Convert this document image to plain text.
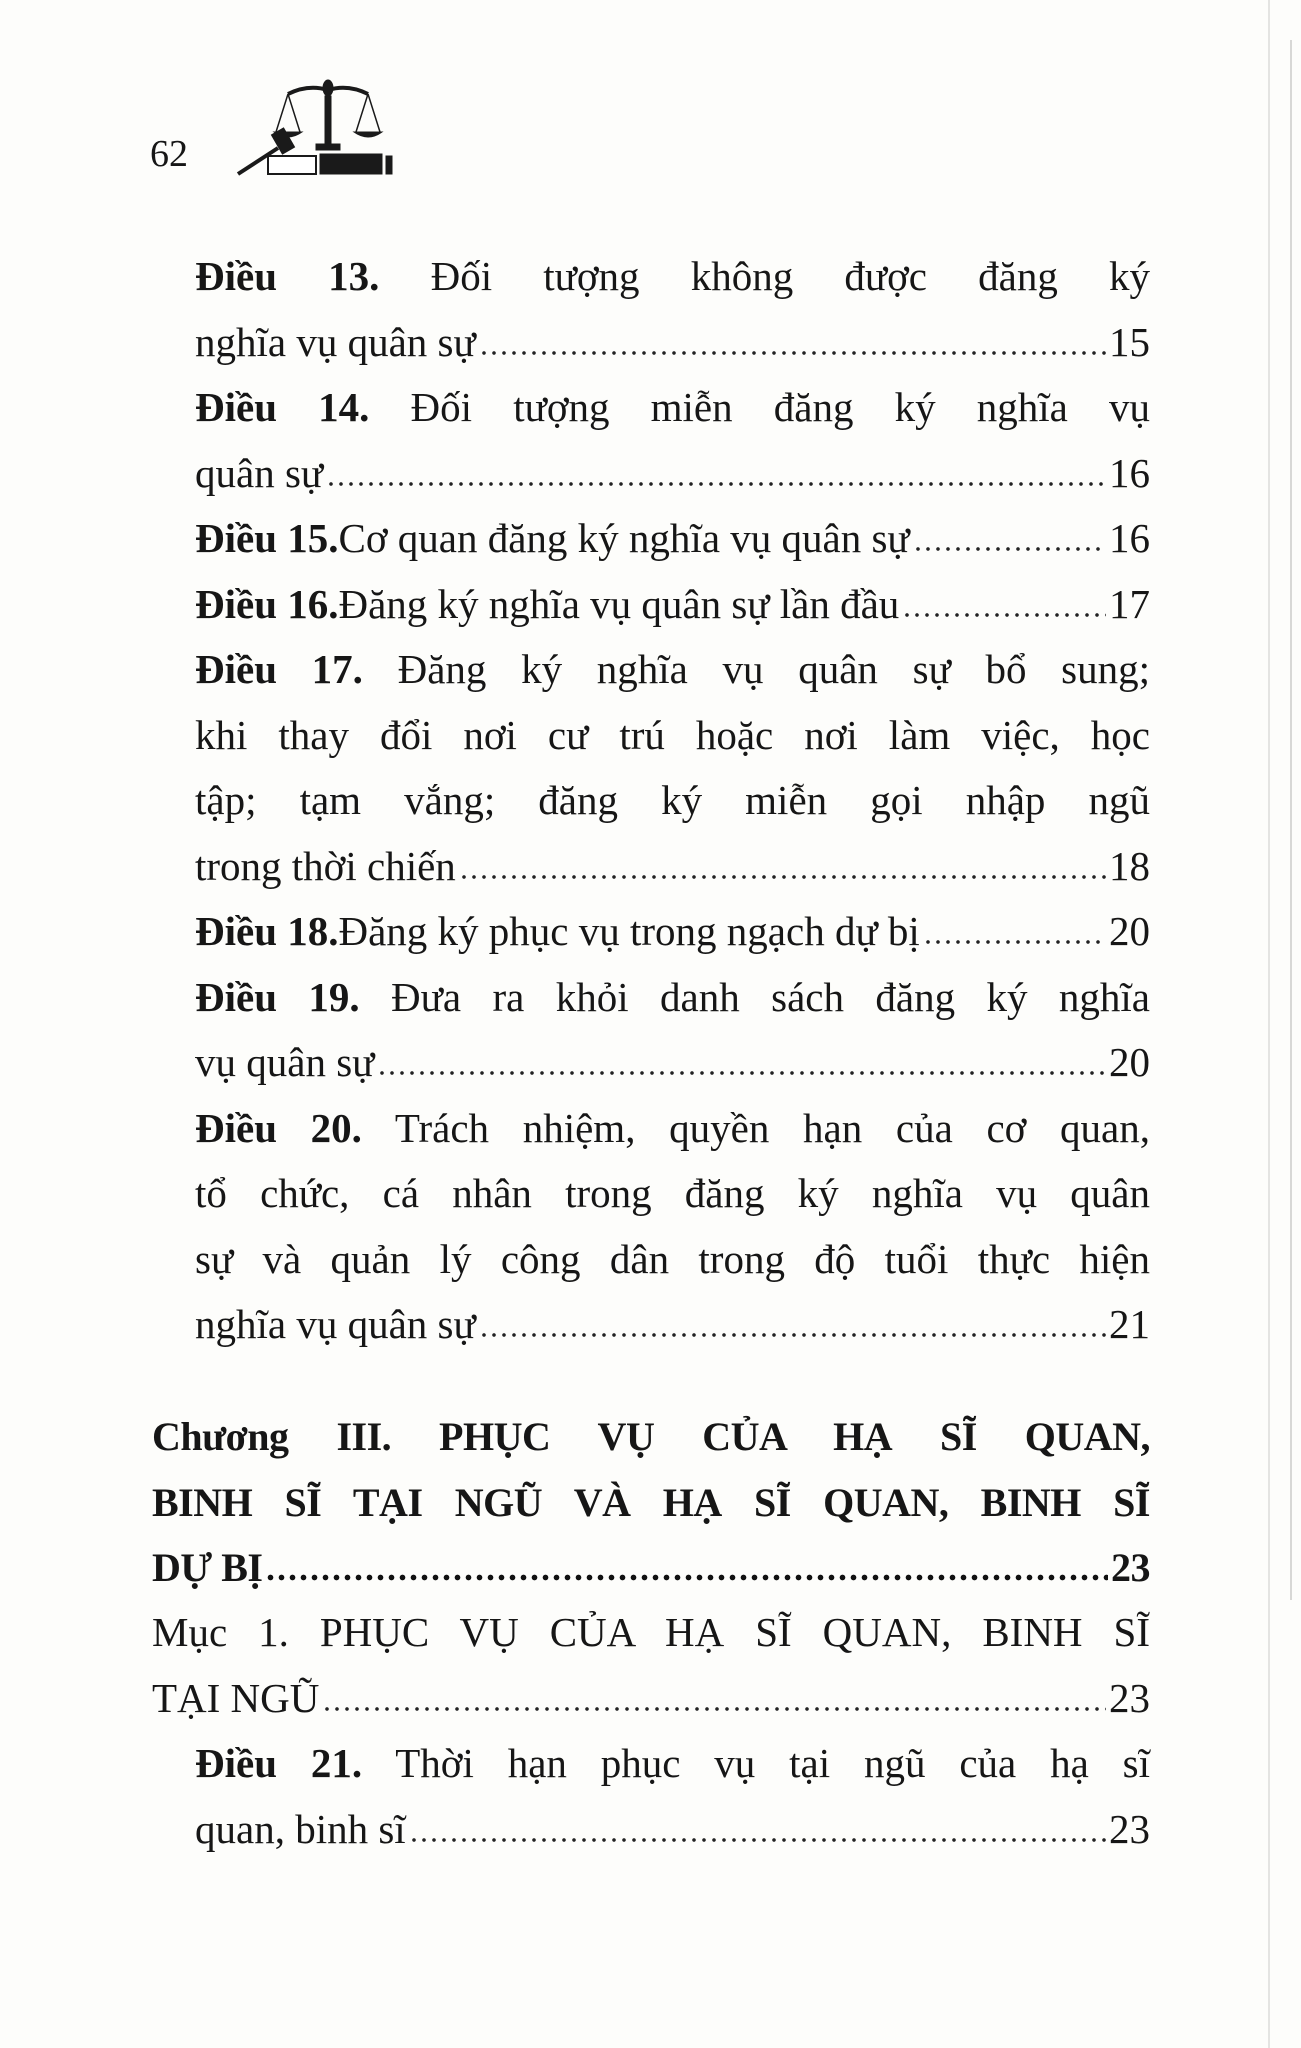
62
Điều 13. Đối tượng không được đăng ký
nghĩa vụ quân sự	15
Điều 14. Đối tượng miễn đăng ký nghĩa vụ
quân sự	16
Điều 15. Cơ quan đăng ký nghĩa vụ quân sự	16
Điều 16. Đăng ký nghĩa vụ quân sự lần đầu	17
Điều 17. Đăng ký nghĩa vụ quân sự bổ sung;
khi thay đổi nơi cư trú hoặc nơi làm việc, học
tập; tạm vắng; đăng ký miễn gọi nhập ngũ
trong thời chiến	18
Điều 18. Đăng ký phục vụ trong ngạch dự bị	20
Điều 19. Đưa ra khỏi danh sách đăng ký nghĩa
vụ quân sự	20
Điều 20. Trách nhiệm, quyền hạn của cơ quan,
tổ chức, cá nhân trong đăng ký nghĩa vụ quân
sự và quản lý công dân trong độ tuổi thực hiện
nghĩa vụ quân sự	21
Chương III. PHỤC VỤ CỦA HẠ SĨ QUAN,
BINH SĨ TẠI NGŨ VÀ HẠ SĨ QUAN, BINH SĨ
DỰ BỊ	23
Mục 1. PHỤC VỤ CỦA HẠ SĨ QUAN, BINH SĨ
TẠI NGŨ	23
Điều 21. Thời hạn phục vụ tại ngũ của hạ sĩ
quan, binh sĩ	23
